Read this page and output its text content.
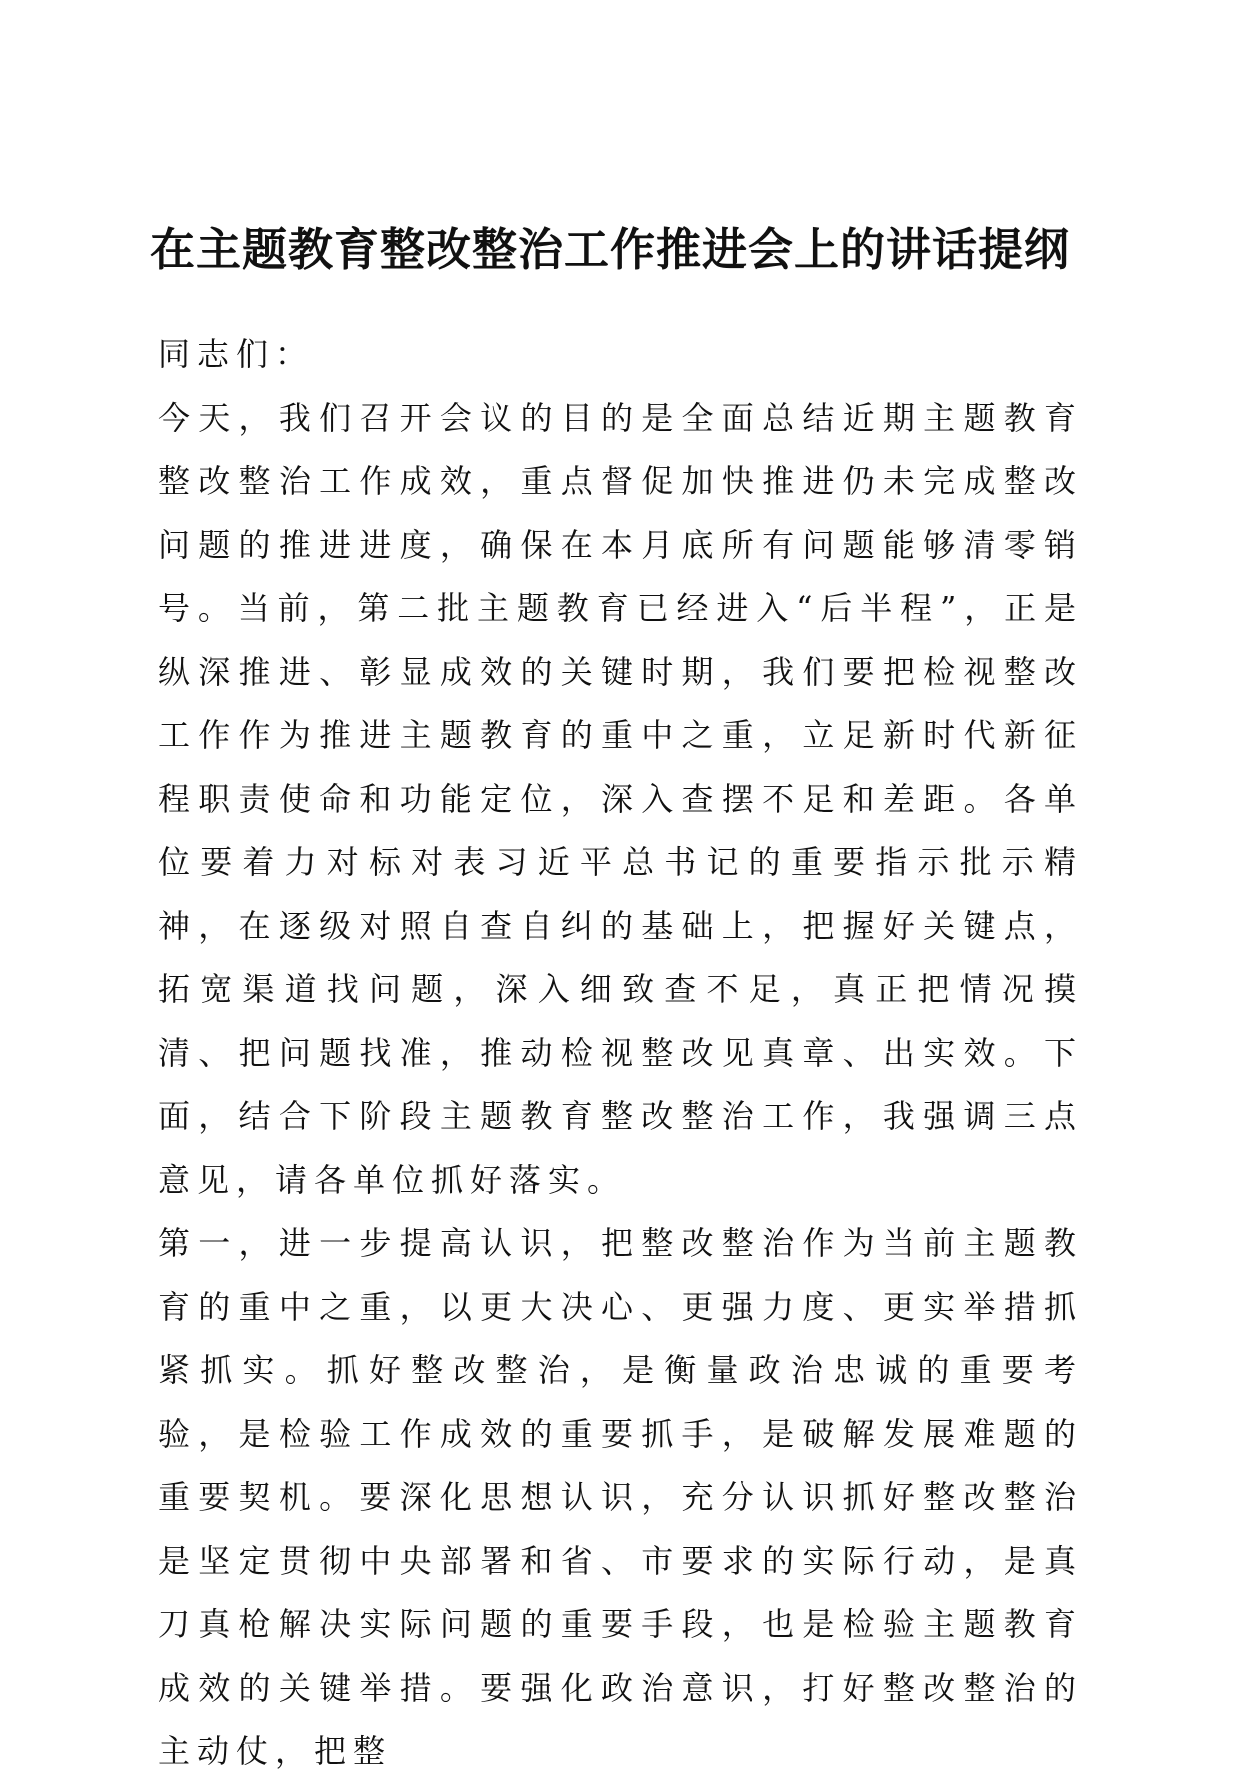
在主题教育整改整治工作推进会上的讲话提纲

同志们：

今天，我们召开会议的目的是全面总结近期主题教育整改整治工作成效，重点督促加快推进仍未完成整改问题的推进进度，确保在本月底所有问题能够清零销号。当前，第二批主题教育已经进入“后半程”，正是纵深推进、彰显成效的关键时期，我们要把检视整改工作作为推进主题教育的重中之重，立足新时代新征程职责使命和功能定位，深入查摆不足和差距。各单位要着力对标对表习近平总书记的重要指示批示精神，在逐级对照自查自纠的基础上，把握好关键点，拓宽渠道找问题，深入细致查不足，真正把情况摸清、把问题找准，推动检视整改见真章、出实效。下面，结合下阶段主题教育整改整治工作，我强调三点意见，请各单位抓好落实。

第一，进一步提高认识，把整改整治作为当前主题教育的重中之重，以更大决心、更强力度、更实举措抓紧抓实。抓好整改整治，是衡量政治忠诚的重要考验，是检验工作成效的重要抓手，是破解发展难题的重要契机。要深化思想认识，充分认识抓好整改整治是坚定贯彻中央部署和省、市要求的实际行动，是真刀真枪解决实际问题的重要手段，也是检验主题教育成效的关键举措。要强化政治意识，打好整改整治的主动仗，把整
